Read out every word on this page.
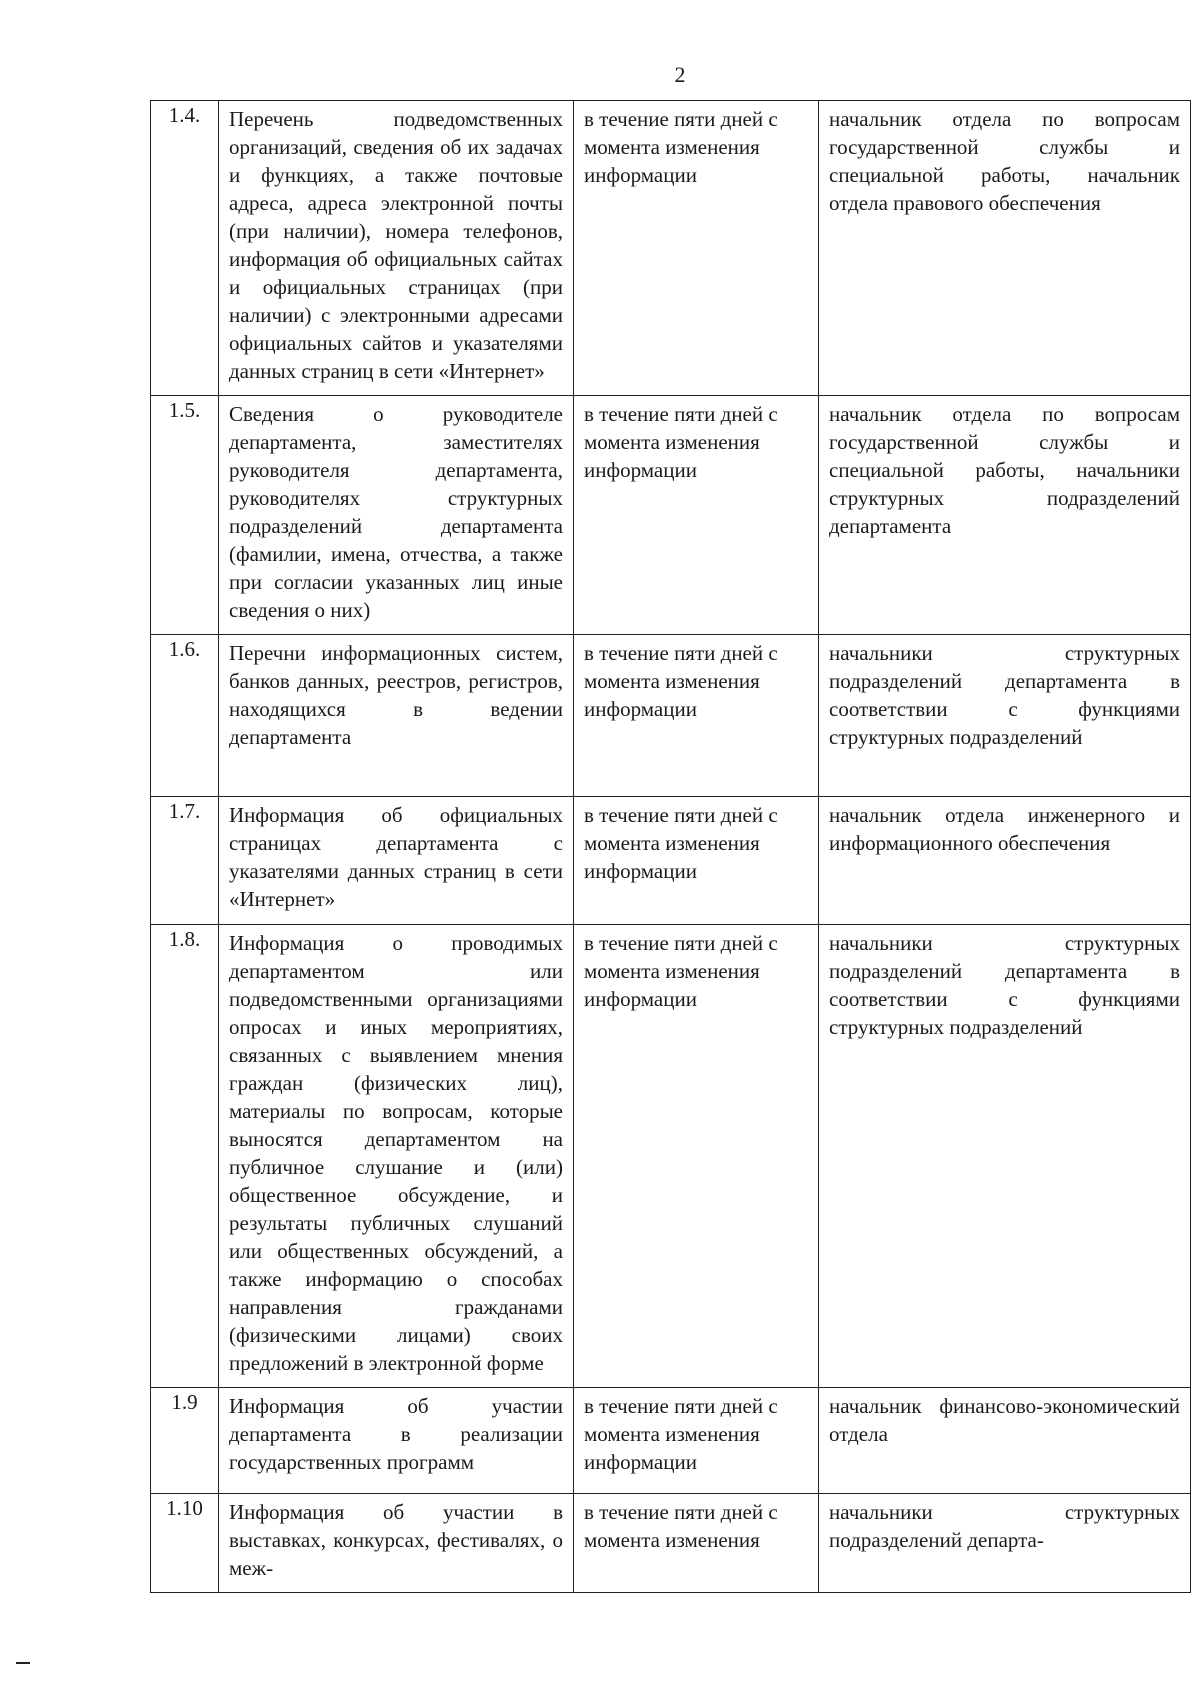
2
1.4.	Перечень подведомственных организаций, сведения об их задачах и функциях, а также почтовые адреса, адреса электронной почты (при наличии), номера телефонов, информация об официальных сайтах и официальных страницах (при наличии) с электронными адресами официальных сайтов и указателями данных страниц в сети «Интернет»	в течение пяти дней с момента изменения информации	начальник отдела по вопросам государственной службы и специальной работы, начальник отдела правового обеспечения
1.5.	Сведения о руководителе департамента, заместителях руководителя департамента, руководителях структурных подразделений департамента (фамилии, имена, отчества, а также при согласии указанных лиц иные сведения о них)	в течение пяти дней с момента изменения информации	начальник отдела по вопросам государственной службы и специальной работы, начальники структурных подразделений департамента
1.6.	Перечни информационных систем, банков данных, реестров, регистров, находящихся в ведении департамента	в течение пяти дней с момента изменения информации	начальники структурных подразделений департамента в соответствии с функциями структурных подразделений
1.7.	Информация об официальных страницах департамента с указателями данных страниц в сети «Интернет»	в течение пяти дней с момента изменения информации	начальник отдела инженерного и информационного обеспечения
1.8.	Информация о проводимых департаментом или подведомственными организациями опросах и иных мероприятиях, связанных с выявлением мнения граждан (физических лиц), материалы по вопросам, которые выносятся департаментом на публичное слушание и (или) общественное обсуждение, и результаты публичных слушаний или общественных обсуждений, а также информацию о способах направления гражданами (физическими лицами) своих предложений в электронной форме	в течение пяти дней с момента изменения информации	начальники структурных подразделений департамента в соответствии с функциями структурных подразделений
1.9	Информация об участии департамента в реализации государственных программ	в течение пяти дней с момента изменения информации	начальник финансово-экономический отдела
1.10	Информация об участии в выставках, конкурсах, фестивалях, о меж-	в течение пяти дней с момента изменения	начальники структурных подразделений департа-
